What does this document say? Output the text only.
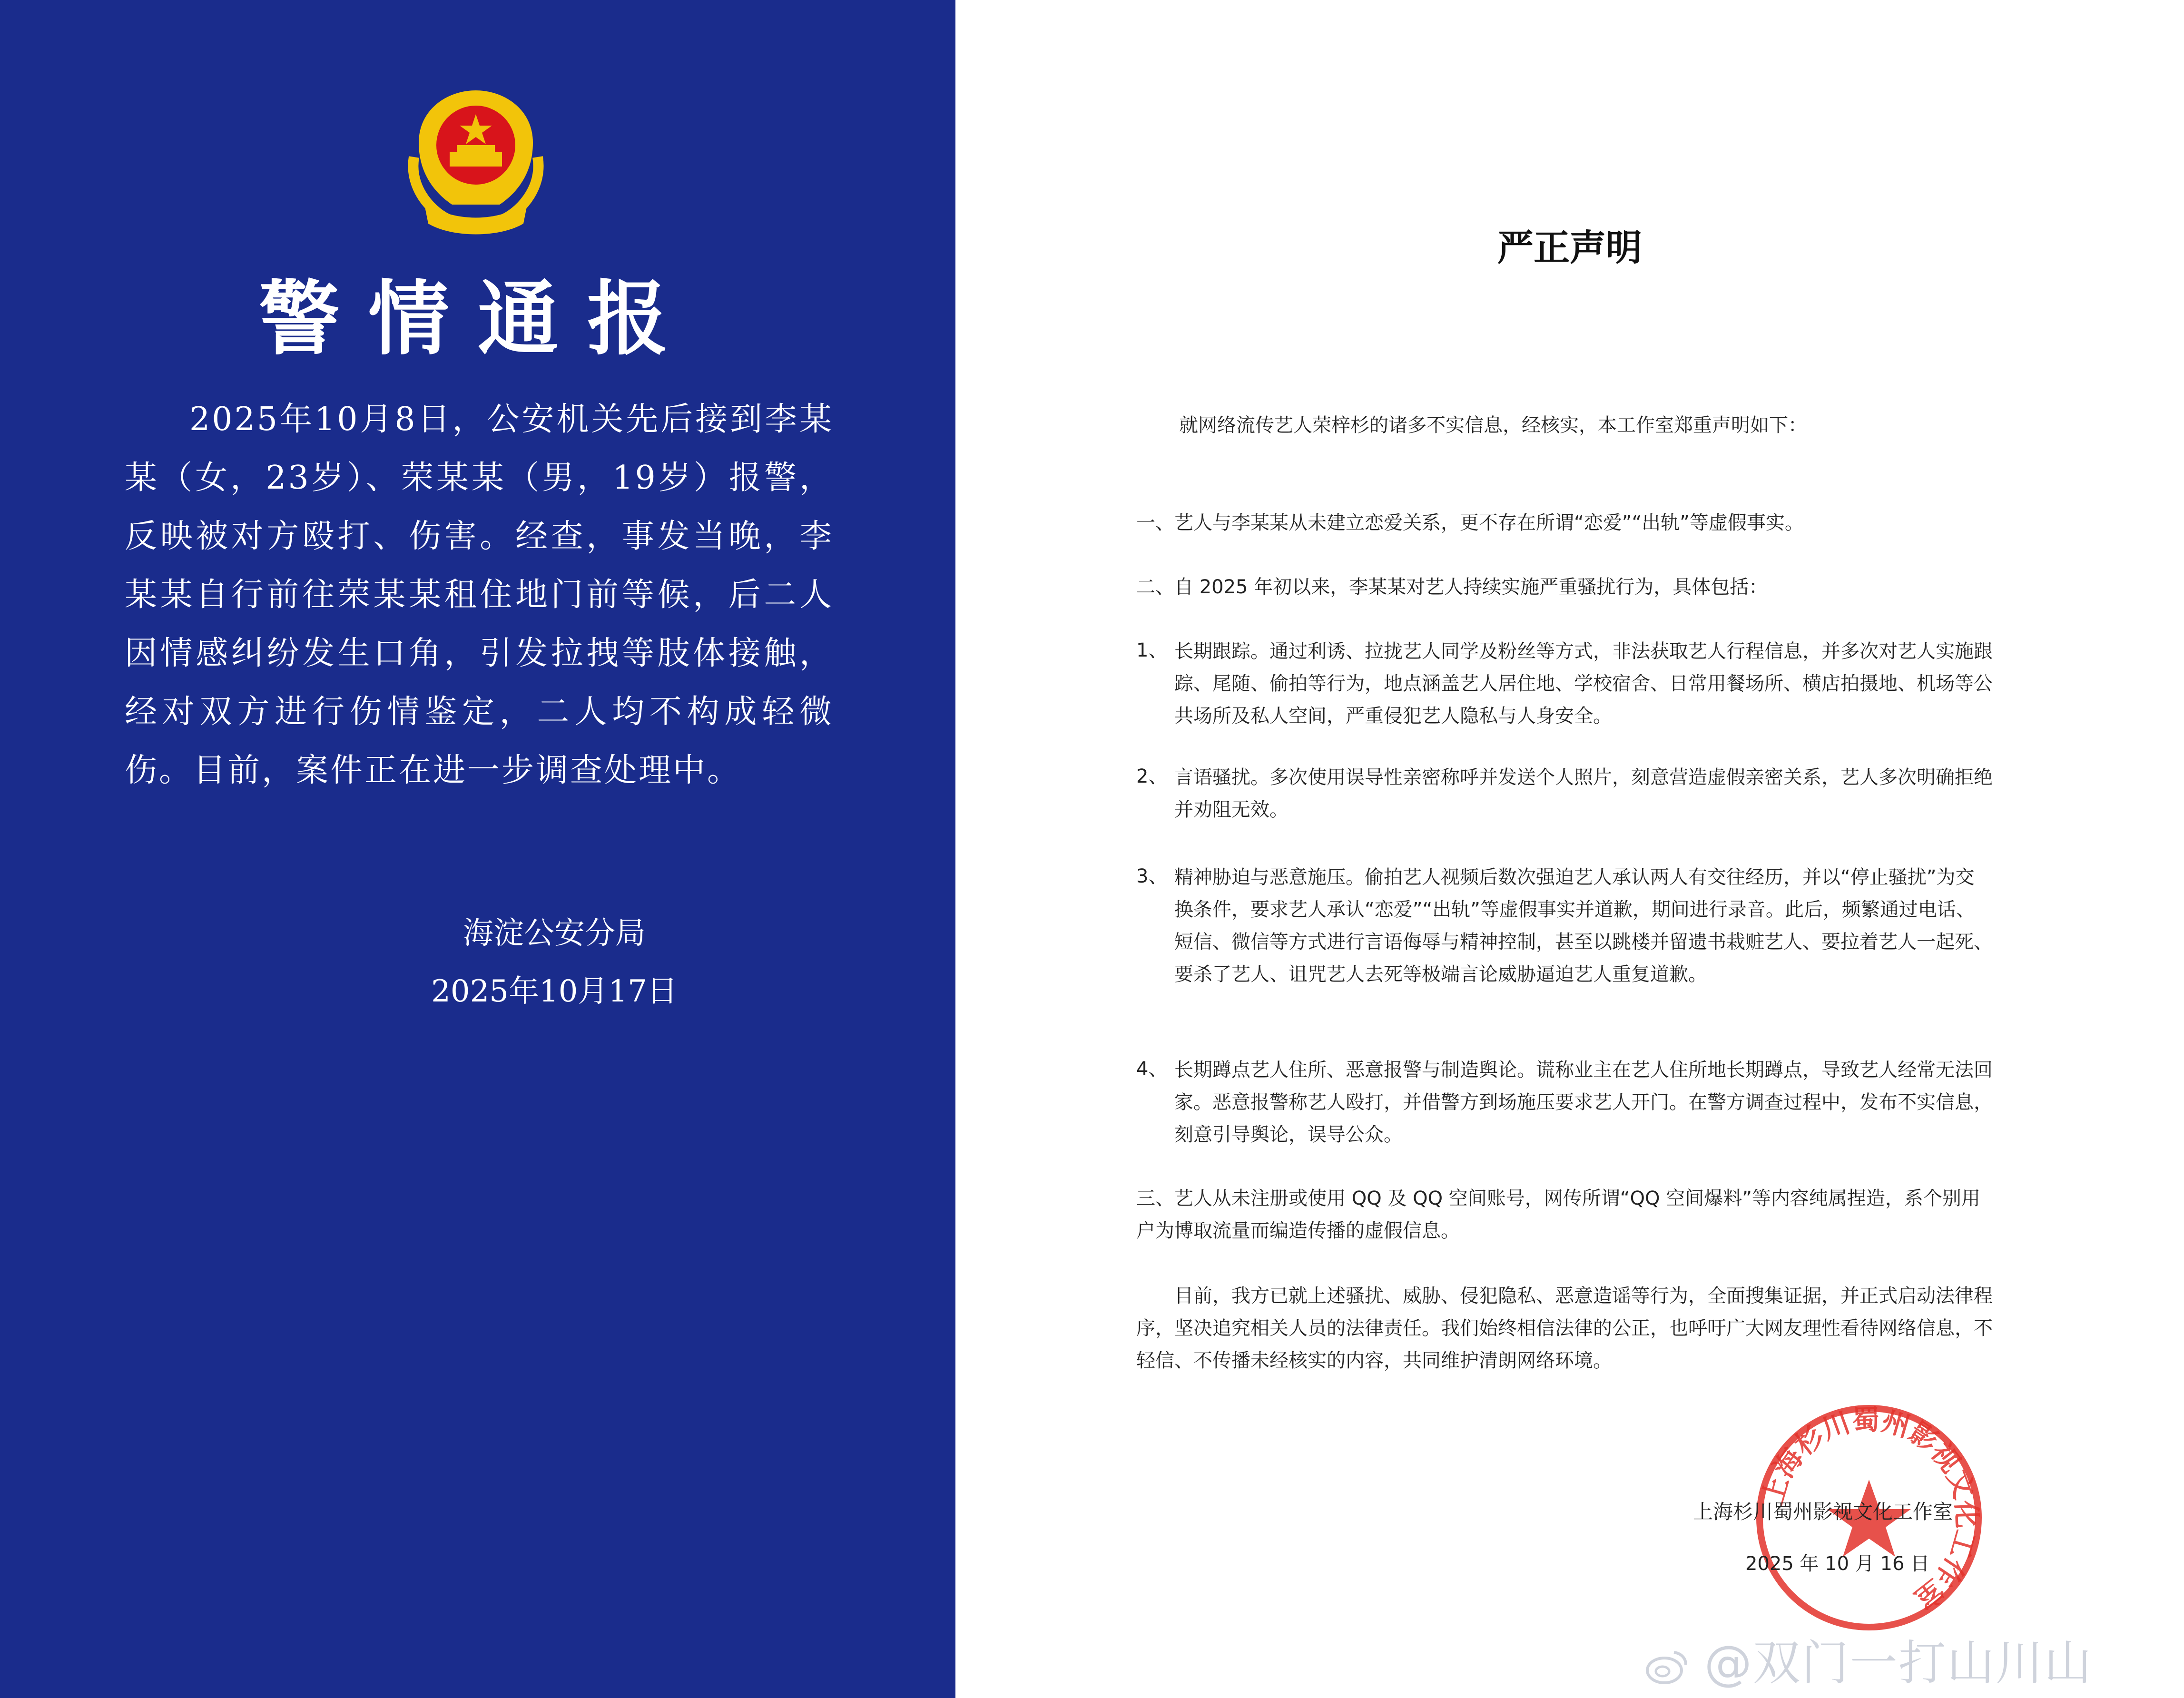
警情通报

2025年10月8日，公安机关先后接到李某某（女，23岁）、荣某某（男，19岁）报警，反映被对方殴打、伤害。经查，事发当晚，李某某自行前往荣某某租住地门前等候，后二人因情感纠纷发生口角，引发拉拽等肢体接触，经对双方进行伤情鉴定，二人均不构成轻微伤。目前，案件正在进一步调查处理中。

海淀公安分局
2025年10月17日
严正声明

就网络流传艺人荣梓杉的诸多不实信息，经核实，本工作室郑重声明如下：

一、艺人与李某某从未建立恋爱关系，更不存在所谓“恋爱”“出轨”等虚假事实。

二、自 2025 年初以来，李某某对艺人持续实施严重骚扰行为，具体包括：

1、 长期跟踪。通过利诱、拉拢艺人同学及粉丝等方式，非法获取艺人行程信息，并多次对艺人实施跟踪、尾随、偷拍等行为，地点涵盖艺人居住地、学校宿舍、日常用餐场所、横店拍摄地、机场等公共场所及私人空间，严重侵犯艺人隐私与人身安全。

2、 言语骚扰。多次使用误导性亲密称呼并发送个人照片，刻意营造虚假亲密关系，艺人多次明确拒绝并劝阻无效。

3、 精神胁迫与恶意施压。偷拍艺人视频后数次强迫艺人承认两人有交往经历，并以“停止骚扰”为交换条件，要求艺人承认“恋爱”“出轨”等虚假事实并道歉，期间进行录音。此后，频繁通过电话、短信、微信等方式进行言语侮辱与精神控制，甚至以跳楼并留遗书栽赃艺人、要拉着艺人一起死、要杀了艺人、诅咒艺人去死等极端言论威胁逼迫艺人重复道歉。

4、 长期蹲点艺人住所、恶意报警与制造舆论。谎称业主在艺人住所地长期蹲点，导致艺人经常无法回家。恶意报警称艺人殴打，并借警方到场施压要求艺人开门。在警方调查过程中，发布不实信息，刻意引导舆论，误导公众。

三、艺人从未注册或使用 QQ 及 QQ 空间账号，网传所谓“QQ 空间爆料”等内容纯属捏造，系个别用户为博取流量而编造传播的虚假信息。

目前，我方已就上述骚扰、威胁、侵犯隐私、恶意造谣等行为，全面搜集证据，并正式启动法律程序，坚决追究相关人员的法律责任。我们始终相信法律的公正，也呼吁广大网友理性看待网络信息，不轻信、不传播未经核实的内容，共同维护清朗网络环境。

上海杉川蜀州影视文化工作室
上海杉川蜀州影视文化工作室
2025 年 10 月 16 日
@双门一打山川山
